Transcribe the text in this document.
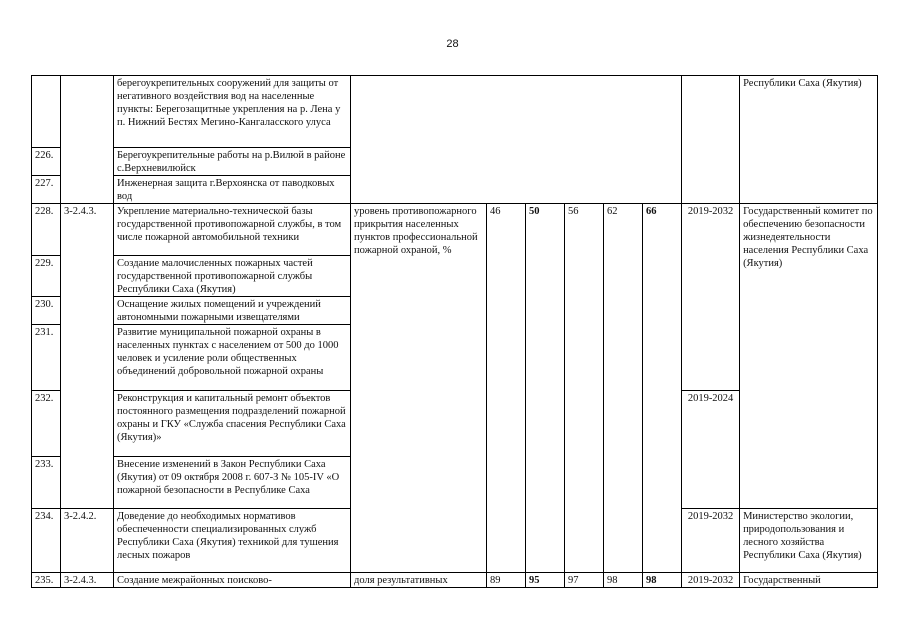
28
		берегоукрепительных сооружений для защиты от негативного воздействия вод на населенные пункты: Берегозащитные укрепления на р. Лена у п. Нижний Бестях Мегино-Кангаласского улуса								Республики Саха (Якутия)
226.		Берегоукрепительные работы на р.Вилюй в районе с.Верхневилюйск								
227.		Инженерная защита г.Верхоянска от паводковых вод								
228.	3-2.4.3.	Укрепление материально-технической базы государственной противопожарной службы, в том числе пожарной автомобильной техники	уровень противопожарного прикрытия населенных пунктов профессиональной пожарной охраной, %	46	50	56	62	66	2019-2032	Государственный комитет по обеспечению безопасности жизнедеятельности населения Республики Саха (Якутия)
229.		Создание малочисленных пожарных частей государственной противопожарной службы Республики Саха (Якутия)								
230.		Оснащение жилых помещений и учреждений автономными пожарными извещателями								
231.		Развитие муниципальной пожарной охраны в населенных пунктах с населением от 500 до 1000 человек и усиление роли общественных объединений добровольной пожарной охраны								
232.		Реконструкция и капитальный ремонт объектов постоянного размещения подразделений пожарной охраны и ГКУ «Служба спасения Республики Саха (Якутия)»							2019-2024	
233.		Внесение изменений в Закон Республики Саха (Якутия) от 09 октября 2008 г. 607-З № 105-IV «О пожарной безопасности в Республике Саха								
234.	3-2.4.2.	Доведение до необходимых нормативов обеспеченности специализированных служб Республики Саха (Якутия) техникой для тушения лесных пожаров							2019-2032	Министерство экологии, природопользования и лесного хозяйства Республики Саха (Якутия)
235.	3-2.4.3.	Создание межрайонных поисково-	доля результативных	89	95	97	98	98	2019-2032	Государственный
